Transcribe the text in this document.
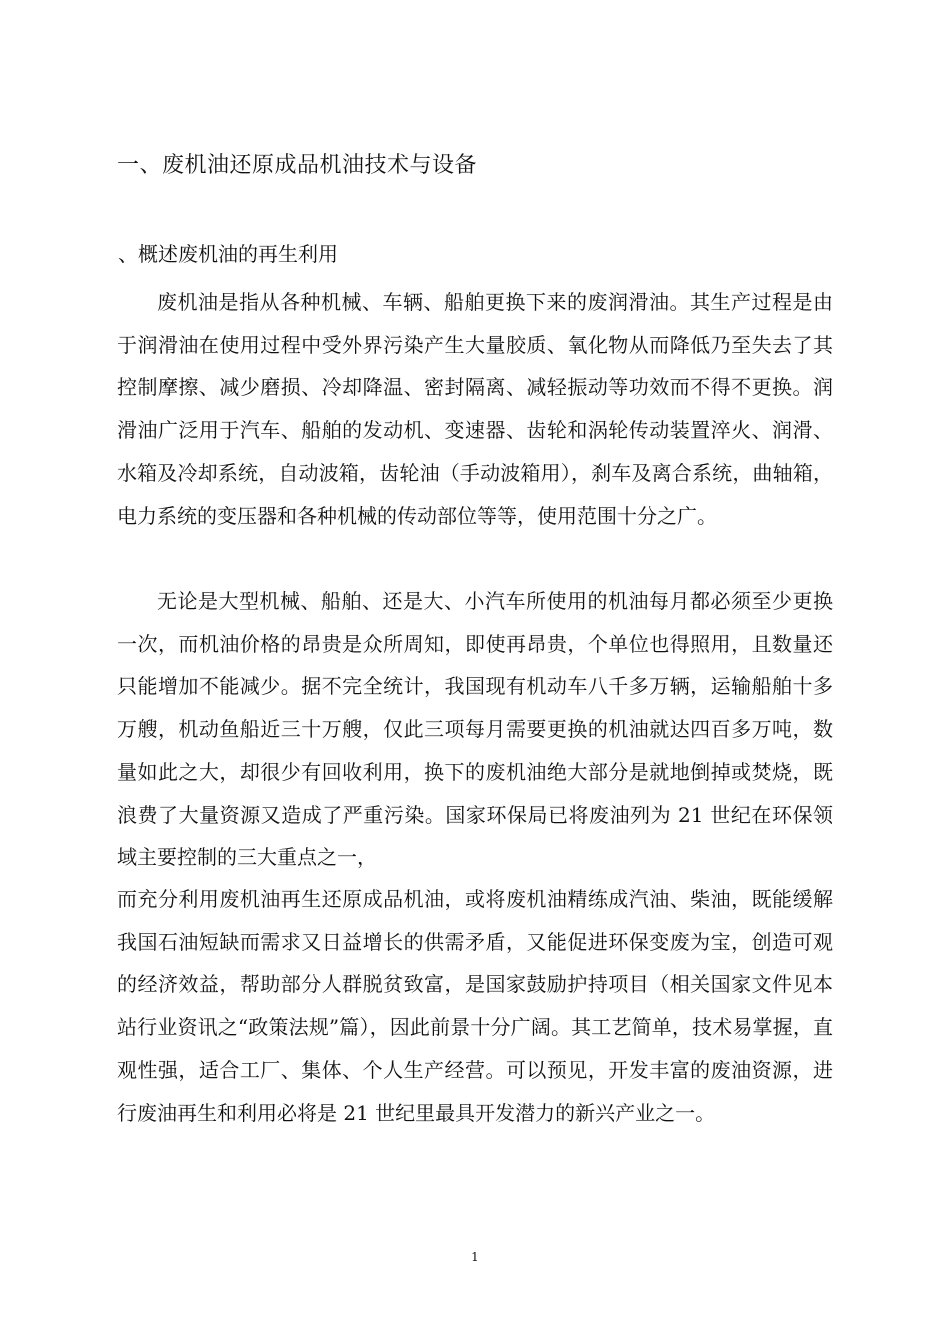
一、废机油还原成品机油技术与设备
、概述废机油的再生利用

废机油是指从各种机械、车辆、船舶更换下来的废润滑油。其生产过程是由于润滑油在使用过程中受外界污染产生大量胶质、氧化物从而降低乃至失去了其控制摩擦、减少磨损、冷却降温、密封隔离、减轻振动等功效而不得不更换。润滑油广泛用于汽车、船舶的发动机、变速器、齿轮和涡轮传动装置淬火、润滑、水箱及冷却系统，自动波箱，齿轮油（手动波箱用），刹车及离合系统，曲轴箱，电力系统的变压器和各种机械的传动部位等等，使用范围十分之广。

无论是大型机械、船舶、还是大、小汽车所使用的机油每月都必须至少更换一次，而机油价格的昂贵是众所周知，即使再昂贵，个单位也得照用，且数量还只能增加不能减少。据不完全统计，我国现有机动车八千多万辆，运输船舶十多万艘，机动鱼船近三十万艘，仅此三项每月需要更换的机油就达四百多万吨，数量如此之大，却很少有回收利用，换下的废机油绝大部分是就地倒掉或焚烧，既浪费了大量资源又造成了严重污染。国家环保局已将废油列为 21 世纪在环保领域主要控制的三大重点之一，

而充分利用废机油再生还原成品机油，或将废机油精练成汽油、柴油，既能缓解我国石油短缺而需求又日益增长的供需矛盾，又能促进环保变废为宝，创造可观的经济效益，帮助部分人群脱贫致富，是国家鼓励护持项目（相关国家文件见本站行业资讯之“政策法规”篇），因此前景十分广阔。其工艺简单，技术易掌握，直观性强，适合工厂、集体、个人生产经营。可以预见，开发丰富的废油资源，进行废油再生和利用必将是 21 世纪里最具开发潜力的新兴产业之一。

1
